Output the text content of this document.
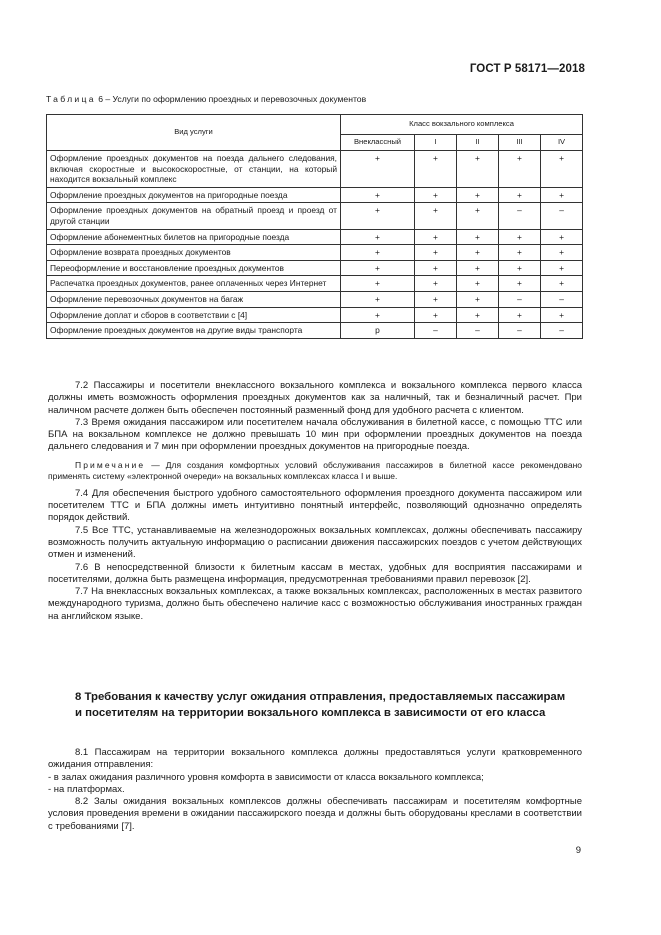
ГОСТ Р 58171—2018
Таблица 6 – Услуги по оформлению проездных и перевозочных документов
Вид услуги	Класс вокзального комплекса				
	Внеклассный	I	II	III	IV
Оформление проездных документов на поезда дальнего следования, включая скоростные и высокоскоростные, от станции, на который находится вокзальный комплекс	+	+	+	+	+
Оформление проездных документов на пригородные поезда	+	+	+	+	+
Оформление проездных документов на обратный проезд и проезд от другой станции	+	+	+	–	–
Оформление абонементных билетов на пригородные поезда	+	+	+	+	+
Оформление возврата проездных документов	+	+	+	+	+
Переоформление и восстановление проездных документов	+	+	+	+	+
Распечатка проездных документов, ранее оплаченных через Интернет	+	+	+	+	+
Оформление перевозочных документов на багаж	+	+	+	–	–
Оформление доплат и сборов в соответствии с [4]	+	+	+	+	+
Оформление проездных документов на другие виды транспорта	р	–	–	–	–

7.2 Пассажиры и посетители внеклассного вокзального комплекса и вокзального комплекса первого класса должны иметь возможность оформления проездных документов как за наличный, так и безналичный расчет. При наличном расчете должен быть обеспечен постоянный разменный фонд для удобного расчета с клиентом.

7.3 Время ожидания пассажиром или посетителем начала обслуживания в билетной кассе, с помощью ТТС или БПА на вокзальном комплексе не должно превышать 10 мин при оформлении проездных документов на поезда дальнего следования и 7 мин при оформлении проездных документов на пригородные поезда.

Примечание — Для создания комфортных условий обслуживания пассажиров в билетной кассе рекомендовано применять систему «электронной очереди» на вокзальных комплексах класса I и выше.

7.4 Для обеспечения быстрого удобного самостоятельного оформления проездного документа пассажиром или посетителем ТТС и БПА должны иметь интуитивно понятный интерфейс, позволяющий однозначно определять порядок действий.

7.5 Все ТТС, устанавливаемые на железнодорожных вокзальных комплексах, должны обеспечивать пассажиру возможность получить актуальную информацию о расписании движения пассажирских поездов с учетом действующих отмен и изменений.

7.6 В непосредственной близости к билетным кассам в местах, удобных для восприятия пассажирами и посетителями, должна быть размещена информация, предусмотренная требованиями правил перевозок [2].

7.7 На внеклассных вокзальных комплексах, а также вокзальных комплексах, расположенных в местах развитого международного туризма, должно быть обеспечено наличие касс с возможностью обслуживания иностранных граждан на английском языке.

8 Требования к качеству услуг ожидания отправления, предоставляемых пассажирам и посетителям на территории вокзального комплекса в зависимости от его класса

8.1 Пассажирам на территории вокзального комплекса должны предоставляться услуги кратковременного ожидания отправления:

- в залах ожидания различного уровня комфорта в зависимости от класса вокзального комплекса;

- на платформах.

8.2 Залы ожидания вокзальных комплексов должны обеспечивать пассажирам и посетителям комфортные условия проведения времени в ожидании пассажирского поезда и должны быть оборудованы креслами в соответствии с требованиями [7].

9
